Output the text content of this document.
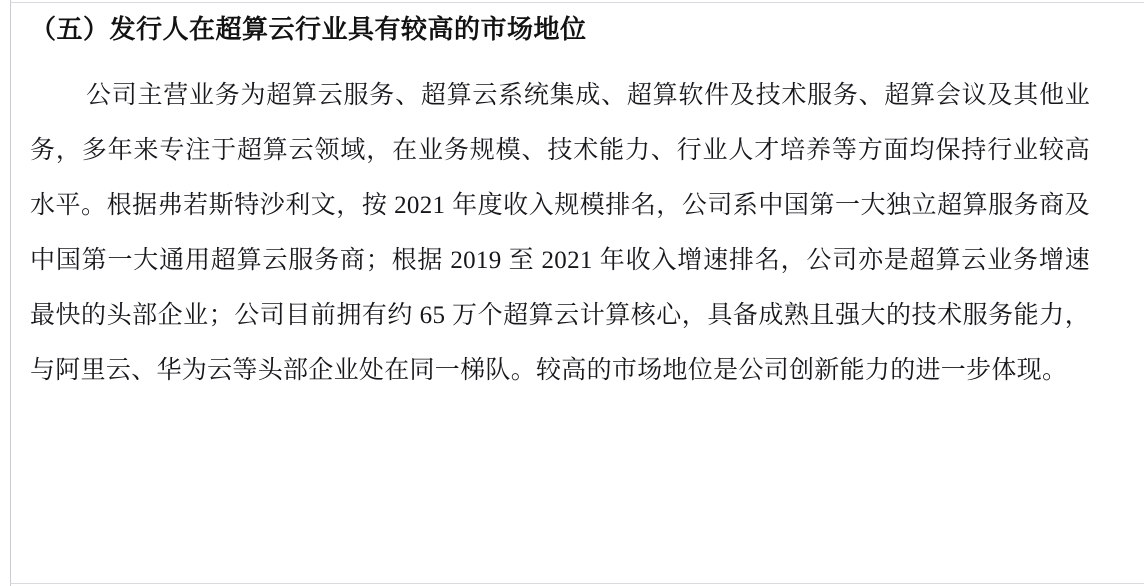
（五）发行人在超算云行业具有较高的市场地位

公司主营业务为超算云服务、超算云系统集成、超算软件及技术服务、超算会议及其他业务，多年来专注于超算云领域，在业务规模、技术能力、行业人才培养等方面均保持行业较高水平。根据弗若斯特沙利文，按 2021 年度收入规模排名，公司系中国第一大独立超算服务商及中国第一大通用超算云服务商；根据 2019 至 2021 年收入增速排名，公司亦是超算云业务增速最快的头部企业；公司目前拥有约 65 万个超算云计算核心，具备成熟且强大的技术服务能力，与阿里云、华为云等头部企业处在同一梯队。较高的市场地位是公司创新能力的进一步体现。
